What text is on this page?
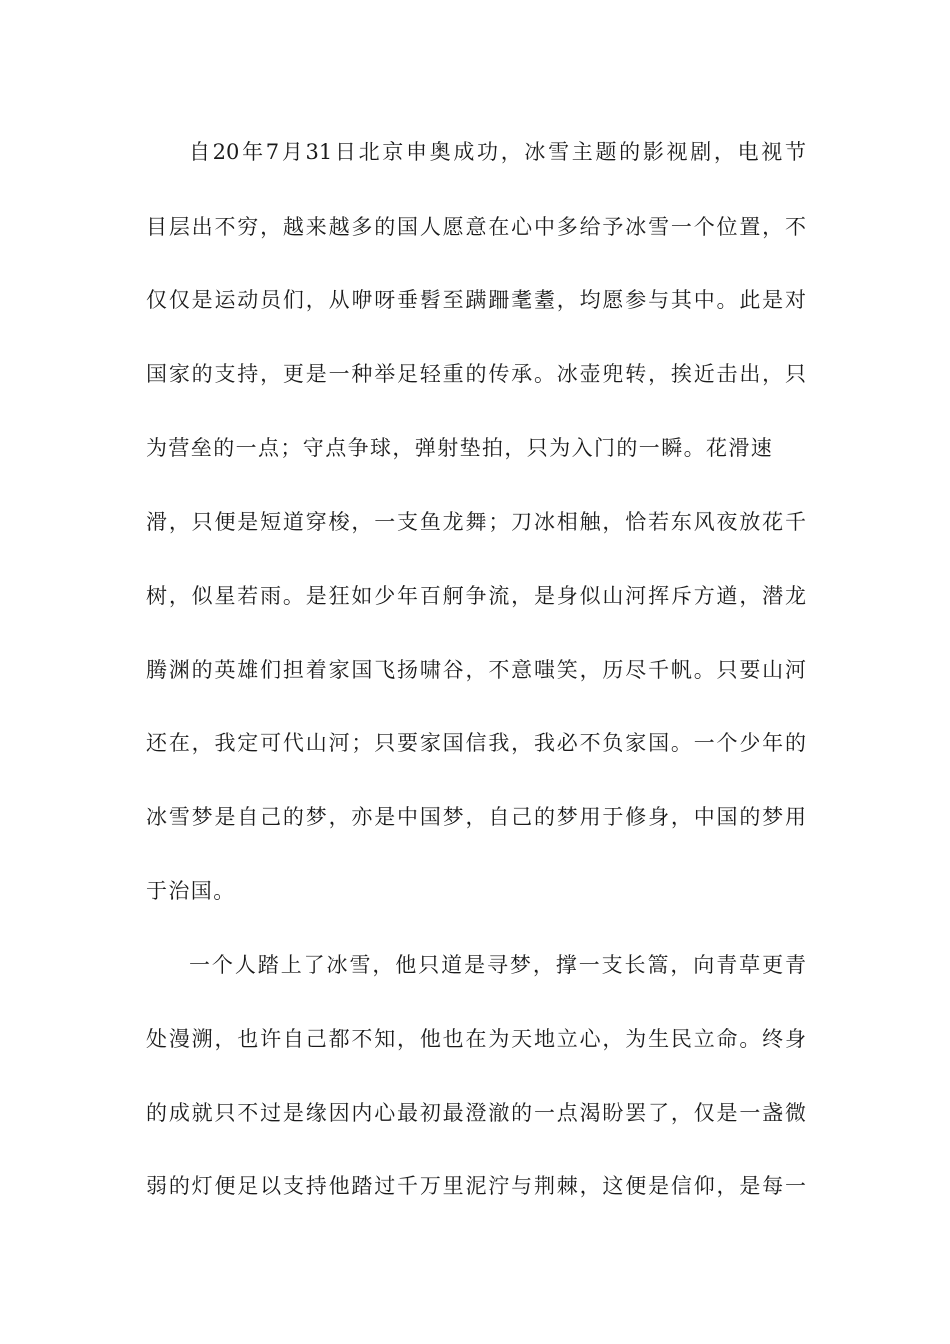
自20年7月31日北京申奥成功，冰雪主题的影视剧，电视节
目层出不穷，越来越多的国人愿意在心中多给予冰雪一个位置，不
仅仅是运动员们，从咿呀垂髫至蹒跚耄耋，均愿参与其中。此是对
国家的支持，更是一种举足轻重的传承。冰壶兜转，挨近击出，只
为营垒的一点；守点争球，弹射垫拍，只为入门的一瞬。花滑速
滑，只便是短道穿梭，一支鱼龙舞；刀冰相触，恰若东风夜放花千
树，似星若雨。是狂如少年百舸争流，是身似山河挥斥方遒，潜龙
腾渊的英雄们担着家国飞扬啸谷，不意嗤笑，历尽千帆。只要山河
还在，我定可代山河；只要家国信我，我必不负家国。一个少年的
冰雪梦是自己的梦，亦是中国梦，自己的梦用于修身，中国的梦用
于治国。
一个人踏上了冰雪，他只道是寻梦，撑一支长篙，向青草更青
处漫溯，也许自己都不知，他也在为天地立心，为生民立命。终身
的成就只不过是缘因内心最初最澄澈的一点渴盼罢了，仅是一盏微
弱的灯便足以支持他踏过千万里泥泞与荆棘，这便是信仰，是每一
